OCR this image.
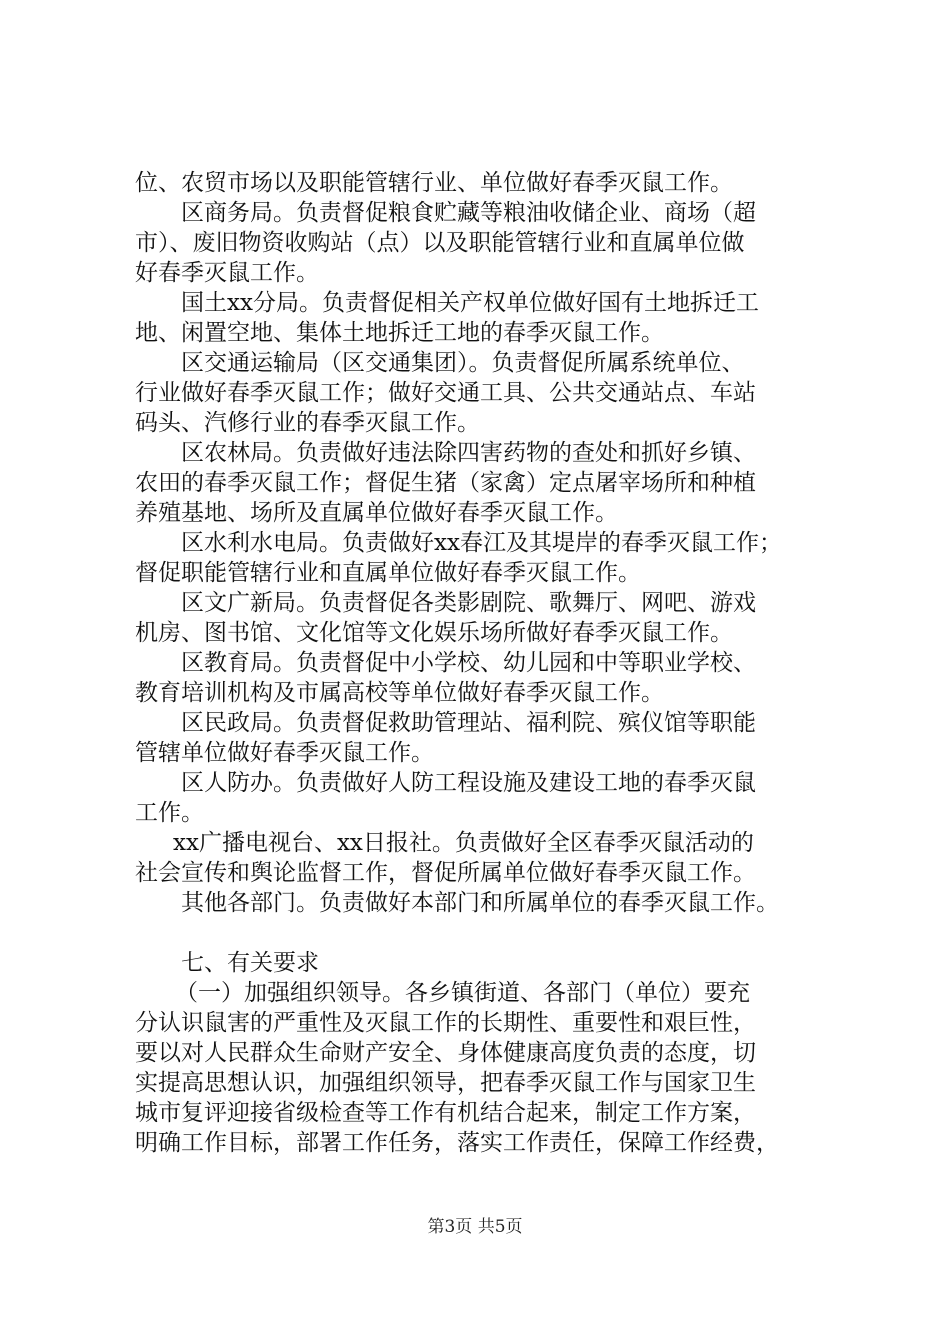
位、农贸市场以及职能管辖行业、单位做好春季灭鼠工作。
区商务局。负责督促粮食贮藏等粮油收储企业、商场（超
市）、废旧物资收购站（点）以及职能管辖行业和直属单位做
好春季灭鼠工作。
国土xx分局。负责督促相关产权单位做好国有土地拆迁工
地、闲置空地、集体土地拆迁工地的春季灭鼠工作。
区交通运输局（区交通集团）。负责督促所属系统单位、
行业做好春季灭鼠工作；做好交通工具、公共交通站点、车站
码头、汽修行业的春季灭鼠工作。
区农林局。负责做好违法除四害药物的查处和抓好乡镇、
农田的春季灭鼠工作；督促生猪（家禽）定点屠宰场所和种植
养殖基地、场所及直属单位做好春季灭鼠工作。
区水利水电局。负责做好xx春江及其堤岸的春季灭鼠工作；
督促职能管辖行业和直属单位做好春季灭鼠工作。
区文广新局。负责督促各类影剧院、歌舞厅、网吧、游戏
机房、图书馆、文化馆等文化娱乐场所做好春季灭鼠工作。
区教育局。负责督促中小学校、幼儿园和中等职业学校、
教育培训机构及市属高校等单位做好春季灭鼠工作。
区民政局。负责督促救助管理站、福利院、殡仪馆等职能
管辖单位做好春季灭鼠工作。
区人防办。负责做好人防工程设施及建设工地的春季灭鼠
工作。
xx广播电视台、xx日报社。负责做好全区春季灭鼠活动的
社会宣传和舆论监督工作，督促所属单位做好春季灭鼠工作。
其他各部门。负责做好本部门和所属单位的春季灭鼠工作。
七、有关要求
（一）加强组织领导。各乡镇街道、各部门（单位）要充
分认识鼠害的严重性及灭鼠工作的长期性、重要性和艰巨性，
要以对人民群众生命财产安全、身体健康高度负责的态度，切
实提高思想认识，加强组织领导，把春季灭鼠工作与国家卫生
城市复评迎接省级检查等工作有机结合起来，制定工作方案，
明确工作目标，部署工作任务，落实工作责任，保障工作经费，
第3页 共5页
